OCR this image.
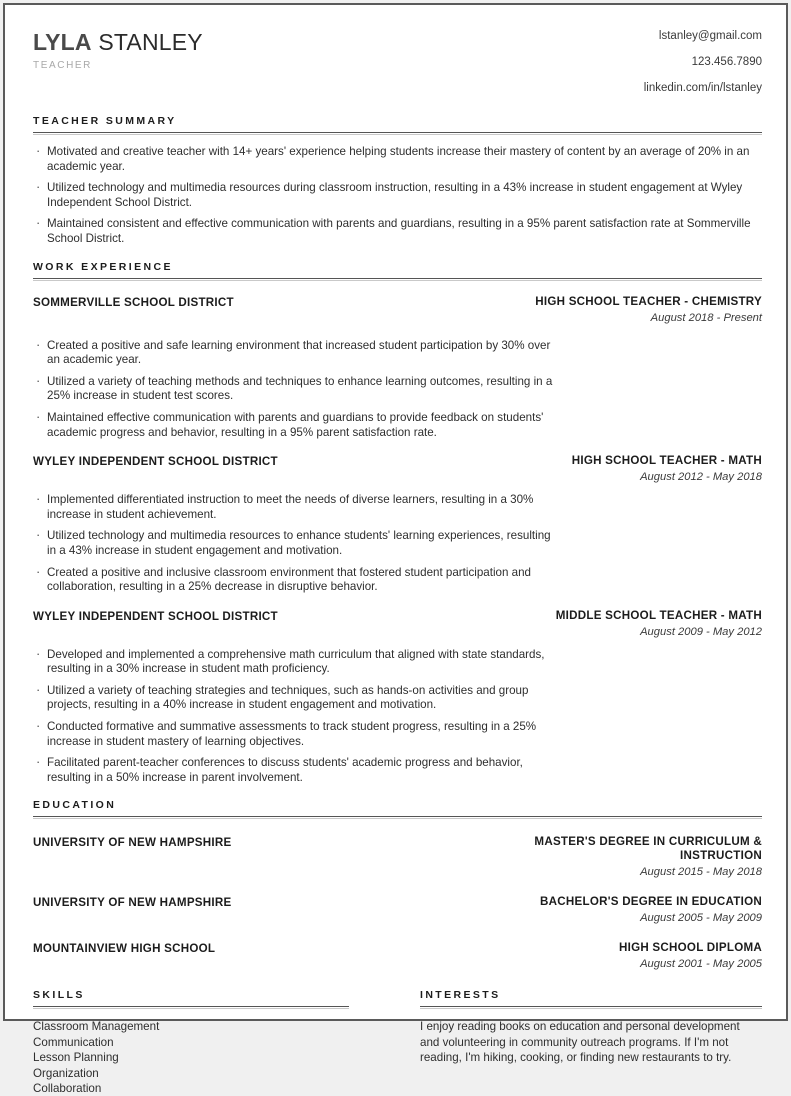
LYLA STANLEY
TEACHER
lstanley@gmail.com
123.456.7890
linkedin.com/in/lstanley
TEACHER SUMMARY
· Motivated and creative teacher with 14+ years' experience helping students increase their mastery of content by an average of 20% in an academic year.
· Utilized technology and multimedia resources during classroom instruction, resulting in a 43% increase in student engagement at Wyley Independent School District.
· Maintained consistent and effective communication with parents and guardians, resulting in a 95% parent satisfaction rate at Sommerville School District.
WORK EXPERIENCE
SOMMERVILLE SCHOOL DISTRICT	HIGH SCHOOL TEACHER - CHEMISTRY
August 2018 - Present
· Created a positive and safe learning environment that increased student participation by 30% over an academic year.
· Utilized a variety of teaching methods and techniques to enhance learning outcomes, resulting in a 25% increase in student test scores.
· Maintained effective communication with parents and guardians to provide feedback on students' academic progress and behavior, resulting in a 95% parent satisfaction rate.
WYLEY INDEPENDENT SCHOOL DISTRICT	HIGH SCHOOL TEACHER - MATH
August 2012 - May 2018
· Implemented differentiated instruction to meet the needs of diverse learners, resulting in a 30% increase in student achievement.
· Utilized technology and multimedia resources to enhance students' learning experiences, resulting in a 43% increase in student engagement and motivation.
· Created a positive and inclusive classroom environment that fostered student participation and collaboration, resulting in a 25% decrease in disruptive behavior.
WYLEY INDEPENDENT SCHOOL DISTRICT	MIDDLE SCHOOL TEACHER - MATH
August 2009 - May 2012
· Developed and implemented a comprehensive math curriculum that aligned with state standards, resulting in a 30% increase in student math proficiency.
· Utilized a variety of teaching strategies and techniques, such as hands-on activities and group projects, resulting in a 40% increase in student engagement and motivation.
· Conducted formative and summative assessments to track student progress, resulting in a 25% increase in student mastery of learning objectives.
· Facilitated parent-teacher conferences to discuss students' academic progress and behavior, resulting in a 50% increase in parent involvement.
EDUCATION
UNIVERSITY OF NEW HAMPSHIRE	MASTER'S DEGREE IN CURRICULUM & INSTRUCTION
August 2015 - May 2018
UNIVERSITY OF NEW HAMPSHIRE	BACHELOR'S DEGREE IN EDUCATION
August 2005 - May 2009
MOUNTAINVIEW HIGH SCHOOL	HIGH SCHOOL DIPLOMA
August 2001 - May 2005
SKILLS
Classroom Management
Communication
Lesson Planning
Organization
Collaboration
INTERESTS
I enjoy reading books on education and personal development and volunteering in community outreach programs. If I'm not reading, I'm hiking, cooking, or finding new restaurants to try.
